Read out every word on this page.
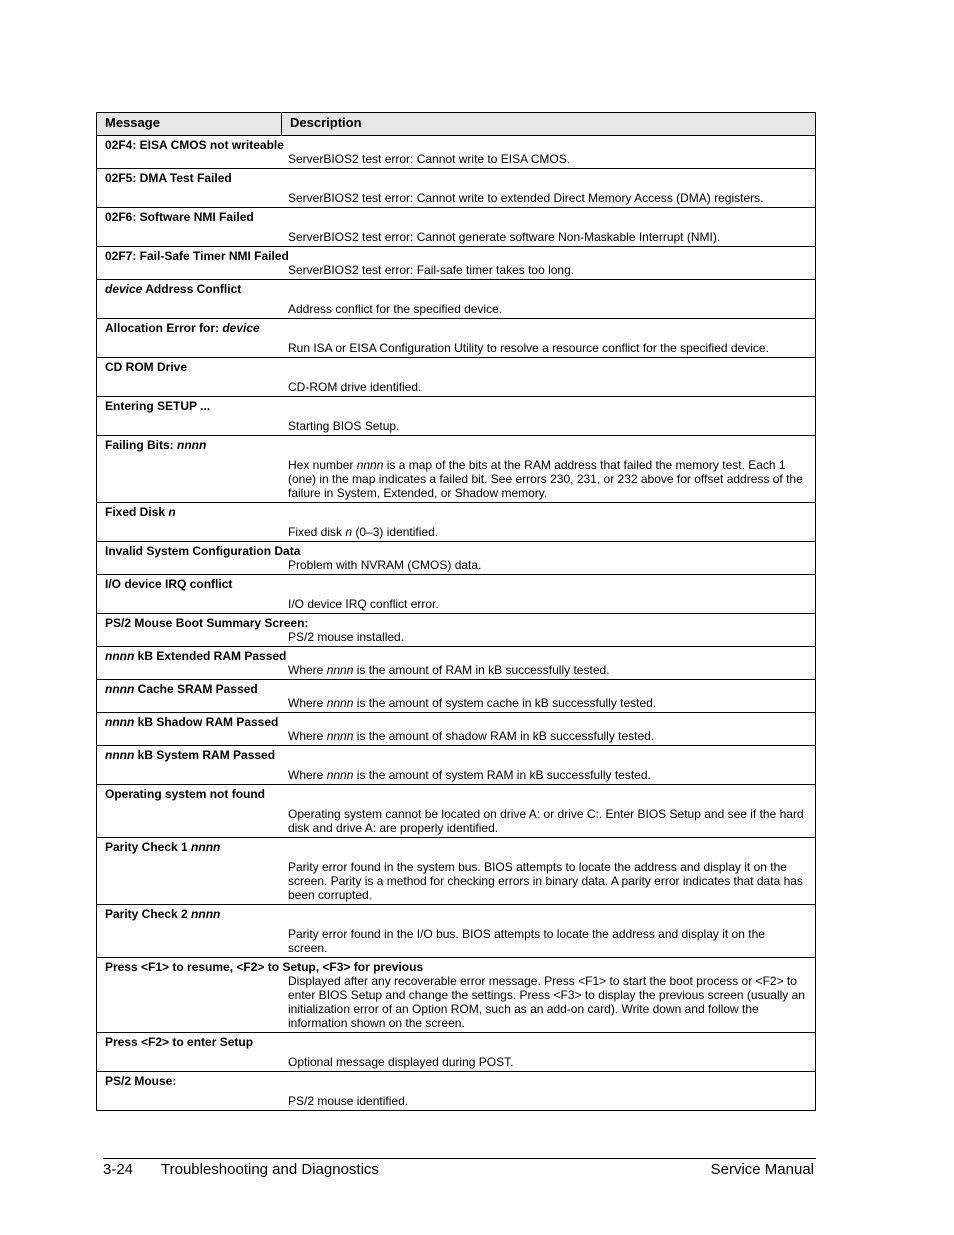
Message	Description

02F4: EISA CMOS not writeable
ServerBIOS2 test error: Cannot write to EISA CMOS.

02F5: DMA Test Failed
ServerBIOS2 test error: Cannot write to extended Direct Memory Access (DMA) registers.

02F6: Software NMI Failed
ServerBIOS2 test error: Cannot generate software Non-Maskable Interrupt (NMI).

02F7: Fail-Safe Timer NMI Failed
ServerBIOS2 test error: Fail-safe timer takes too long.

device Address Conflict
Address conflict for the specified device.

Allocation Error for: device
Run ISA or EISA Configuration Utility to resolve a resource conflict for the specified device.

CD ROM Drive
CD-ROM drive identified.

Entering SETUP ...
Starting BIOS Setup.

Failing Bits: nnnn
Hex number nnnn is a map of the bits at the RAM address that failed the memory test. Each 1 (one) in the map indicates a failed bit. See errors 230, 231, or 232 above for offset address of the failure in System, Extended, or Shadow memory.

Fixed Disk n
Fixed disk n (0–3) identified.

Invalid System Configuration Data
Problem with NVRAM (CMOS) data.

I/O device IRQ conflict
I/O device IRQ conflict error.

PS/2 Mouse Boot Summary Screen:
PS/2 mouse installed.

nnnn kB Extended RAM Passed
Where nnnn is the amount of RAM in kB successfully tested.

nnnn Cache SRAM Passed
Where nnnn is the amount of system cache in kB successfully tested.

nnnn kB Shadow RAM Passed
Where nnnn is the amount of shadow RAM in kB successfully tested.

nnnn kB System RAM Passed
Where nnnn is the amount of system RAM in kB successfully tested.

Operating system not found
Operating system cannot be located on drive A: or drive C:. Enter BIOS Setup and see if the hard disk and drive A: are properly identified.

Parity Check 1 nnnn
Parity error found in the system bus. BIOS attempts to locate the address and display it on the screen. Parity is a method for checking errors in binary data. A parity error indicates that data has been corrupted.

Parity Check 2 nnnn
Parity error found in the I/O bus. BIOS attempts to locate the address and display it on the screen.

Press <F1> to resume, <F2> to Setup, <F3> for previous
Displayed after any recoverable error message. Press <F1> to start the boot process or <F2> to enter BIOS Setup and change the settings. Press <F3> to display the previous screen (usually an initialization error of an Option ROM, such as an add-on card). Write down and follow the information shown on the screen.

Press <F2> to enter Setup
Optional message displayed during POST.

PS/2 Mouse:
PS/2 mouse identified.
3-24 Troubleshooting and Diagnostics	Service Manual
